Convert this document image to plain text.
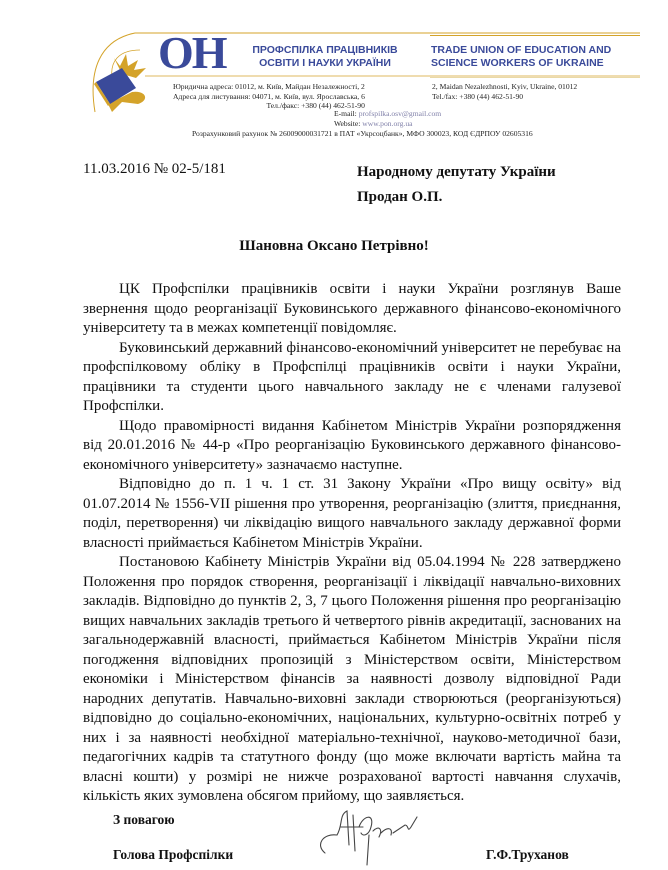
ОН	ПРОФСПІЛКА ПРАЦІВНИКІВ
ОСВІТИ І НАУКИ УКРАЇНИ
TRADE UNION OF EDUCATION AND
SCIENCE WORKERS OF UKRAINE
Юридична адреса: 01012, м. Київ, Майдан Незалежності, 2
Адреса для листування: 04071, м. Київ, вул. Ярославська, 6
Тел./факс: +380 (44) 462-51-90
2, Maidan Nezalezhnosti, Kyiv, Ukraine, 01012
Tel./fax: +380 (44) 462-51-90
E-mail: profspilka.osv@gmail.com
Website: www.pon.org.ua
Розрахунковий рахунок № 26009000031721 в ПАТ «Укрсоцбанк», МФО 300023, КОД ЄДРПОУ 02605316
11.03.2016 № 02-5/181	Народному депутату України
Продан О.П.
Шановна Оксано Петрівно!

ЦК Профспілки працівників освіти і науки України розглянув Ваше звернення щодо реорганізації Буковинського державного фінансово-економічного університету та в межах компетенції повідомляє.

Буковинський державний фінансово-економічний університет не перебуває на профспілковому обліку в Профспілці працівників освіти і науки України, працівники та студенти цього навчального закладу не є членами галузевої Профспілки.

Щодо правомірності видання Кабінетом Міністрів України розпорядження від 20.01.2016 № 44-р «Про реорганізацію Буковинського державного фінансово-економічного університету» зазначаємо наступне.

Відповідно до п. 1 ч. 1 ст. 31 Закону України «Про вищу освіту» від 01.07.2014 № 1556-VII рішення про утворення, реорганізацію (злиття, приєднання, поділ, перетворення) чи ліквідацію вищого навчального закладу державної форми власності приймається Кабінетом Міністрів України.

Постановою Кабінету Міністрів України від 05.04.1994 № 228 затверджено Положення про порядок створення, реорганізації і ліквідації навчально-виховних закладів. Відповідно до пунктів 2, 3, 7 цього Положення рішення про реорганізацію вищих навчальних закладів третього й четвертого рівнів акредитації, заснованих на загальнодержавній власності, приймається Кабінетом Міністрів України після погодження відповідних пропозицій з Міністерством освіти, Міністерством економіки і Міністерством фінансів за наявності дозволу відповідної Ради народних депутатів. Навчально-виховні заклади створюються (реорганізуються) відповідно до соціально-економічних, національних, культурно-освітніх потреб у них і за наявності необхідної матеріально-технічної, науково-методичної бази, педагогічних кадрів та статутного фонду (що може включати вартість майна та власні кошти) у розмірі не нижче розрахованої вартості навчання слухачів, кількість яких зумовлена обсягом прийому, що заявляється.

З повагою
Голова Профспілки	Г.Ф.Труханов
